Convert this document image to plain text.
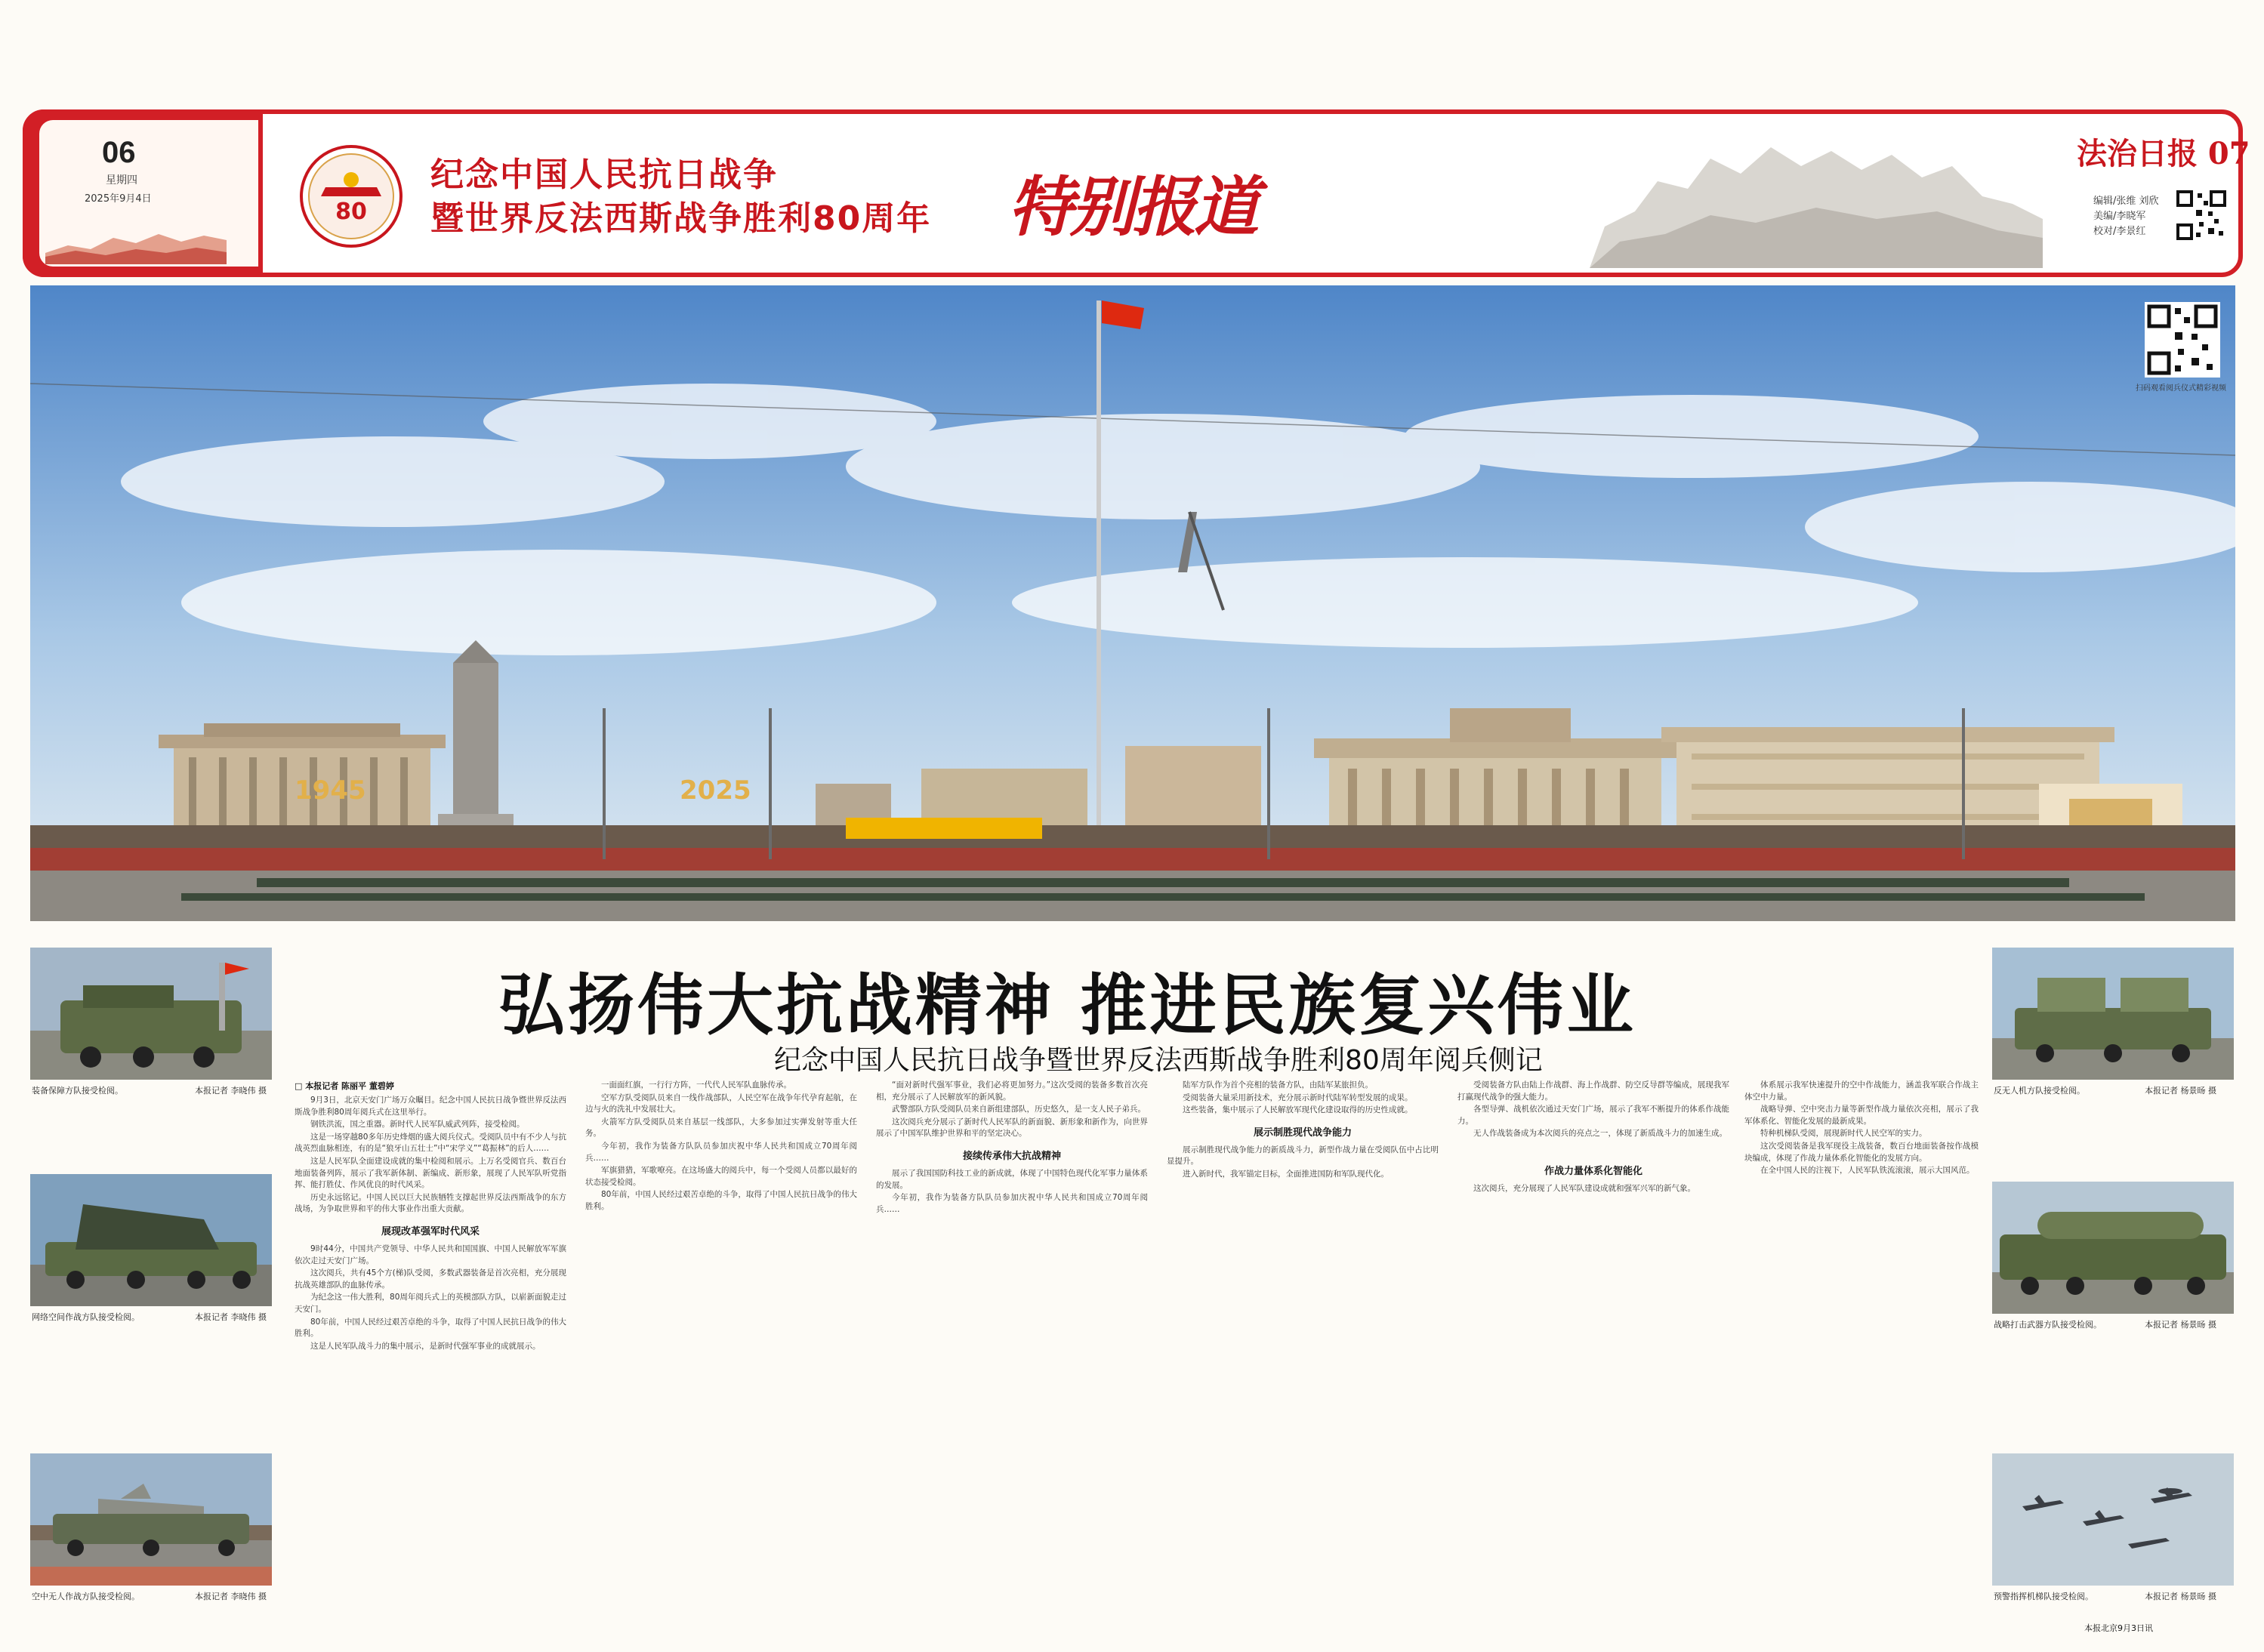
06
星期四
2025年9月4日	80
纪念中国人民抗日战争
暨世界反法西斯战争胜利80周年 特别报道
法治日报 07
编辑/张维 刘欣
美编/李晓军
校对/李景红
1945	2025
扫码观看阅兵仪式精彩视频
弘扬伟大抗战精神 推进民族复兴伟业
纪念中国人民抗日战争暨世界反法西斯战争胜利80周年阅兵侧记
装备保障方队接受检阅。	本报记者 李晓伟 摄
网络空间作战方队接受检阅。	本报记者 李晓伟 摄
空中无人作战方队接受检阅。	本报记者 李晓伟 摄
反无人机方队接受检阅。	本报记者 杨景旸 摄
战略打击武器方队接受检阅。	本报记者 杨景旸 摄
预警指挥机梯队接受检阅。	本报记者 杨景旸 摄
□ 本报记者 陈丽平 董碧婷

9月3日，北京天安门广场万众瞩目。纪念中国人民抗日战争暨世界反法西斯战争胜利80周年阅兵式在这里举行。

钢铁洪流，国之重器。新时代人民军队威武列阵，接受检阅。

这是一场穿越80多年历史烽烟的盛大阅兵仪式。受阅队员中有不少人与抗战英烈血脉相连，有的是“狼牙山五壮士”中“宋学义”“葛振林”的后人……

这是人民军队全面建设成就的集中检阅和展示。上万名受阅官兵、数百台地面装备列阵，展示了我军新体制、新编成、新形象，展现了人民军队听党指挥、能打胜仗、作风优良的时代风采。

历史永远铭记。中国人民以巨大民族牺牲支撑起世界反法西斯战争的东方战场，为争取世界和平的伟大事业作出重大贡献。

展现改革强军时代风采

9时44分，中国共产党领导、中华人民共和国国旗、中国人民解放军军旗依次走过天安门广场。

这次阅兵，共有45个方(梯)队受阅，多数武器装备是首次亮相，充分展现抗战英雄部队的血脉传承。

为纪念这一伟大胜利，80周年阅兵式上的英模部队方队，以崭新面貌走过天安门。

80年前，中国人民经过艰苦卓绝的斗争，取得了中国人民抗日战争的伟大胜利。

这是人民军队战斗力的集中展示，是新时代强军事业的成就展示。

一面面红旗，一行行方阵，一代代人民军队血脉传承。

空军方队受阅队员来自一线作战部队，人民空军在战争年代孕育起航，在边与火的洗礼中发展壮大。

火箭军方队受阅队员来自基层一线部队，大多参加过实弹发射等重大任务。

今年初，我作为装备方队队员参加庆祝中华人民共和国成立70周年阅兵……

军旗猎猎，军歌嘹亮。在这场盛大的阅兵中，每一个受阅人员都以最好的状态接受检阅。

80年前，中国人民经过艰苦卓绝的斗争，取得了中国人民抗日战争的伟大胜利。

“面对新时代强军事业，我们必将更加努力。”这次受阅的装备多数首次亮相，充分展示了人民解放军的新风貌。

武警部队方队受阅队员来自新组建部队，历史悠久，是一支人民子弟兵。

这次阅兵充分展示了新时代人民军队的新面貌、新形象和新作为，向世界展示了中国军队维护世界和平的坚定决心。

接续传承伟大抗战精神

展示了我国国防科技工业的新成就，体现了中国特色现代化军事力量体系的发展。

今年初，我作为装备方队队员参加庆祝中华人民共和国成立70周年阅兵……

陆军方队作为首个亮相的装备方队，由陆军某旅担负。

受阅装备大量采用新技术，充分展示新时代陆军转型发展的成果。

这些装备，集中展示了人民解放军现代化建设取得的历史性成就。

展示制胜现代战争能力

展示制胜现代战争能力的新质战斗力，新型作战力量在受阅队伍中占比明显提升。

进入新时代，我军锚定目标，全面推进国防和军队现代化。

受阅装备方队由陆上作战群、海上作战群、防空反导群等编成，展现我军打赢现代战争的强大能力。

各型导弹、战机依次通过天安门广场，展示了我军不断提升的体系作战能力。

无人作战装备成为本次阅兵的亮点之一，体现了新质战斗力的加速生成。

作战力量体系化智能化

这次阅兵，充分展现了人民军队建设成就和强军兴军的新气象。

体系展示我军快速提升的空中作战能力，涵盖我军联合作战主体空中力量。

战略导弹、空中突击力量等新型作战力量依次亮相，展示了我军体系化、智能化发展的最新成果。

特种机梯队受阅，展现新时代人民空军的实力。

这次受阅装备是我军现役主战装备，数百台地面装备按作战模块编成，体现了作战力量体系化智能化的发展方向。

在全中国人民的注视下，人民军队铁流滚滚，展示大国风范。

本报北京9月3日讯
